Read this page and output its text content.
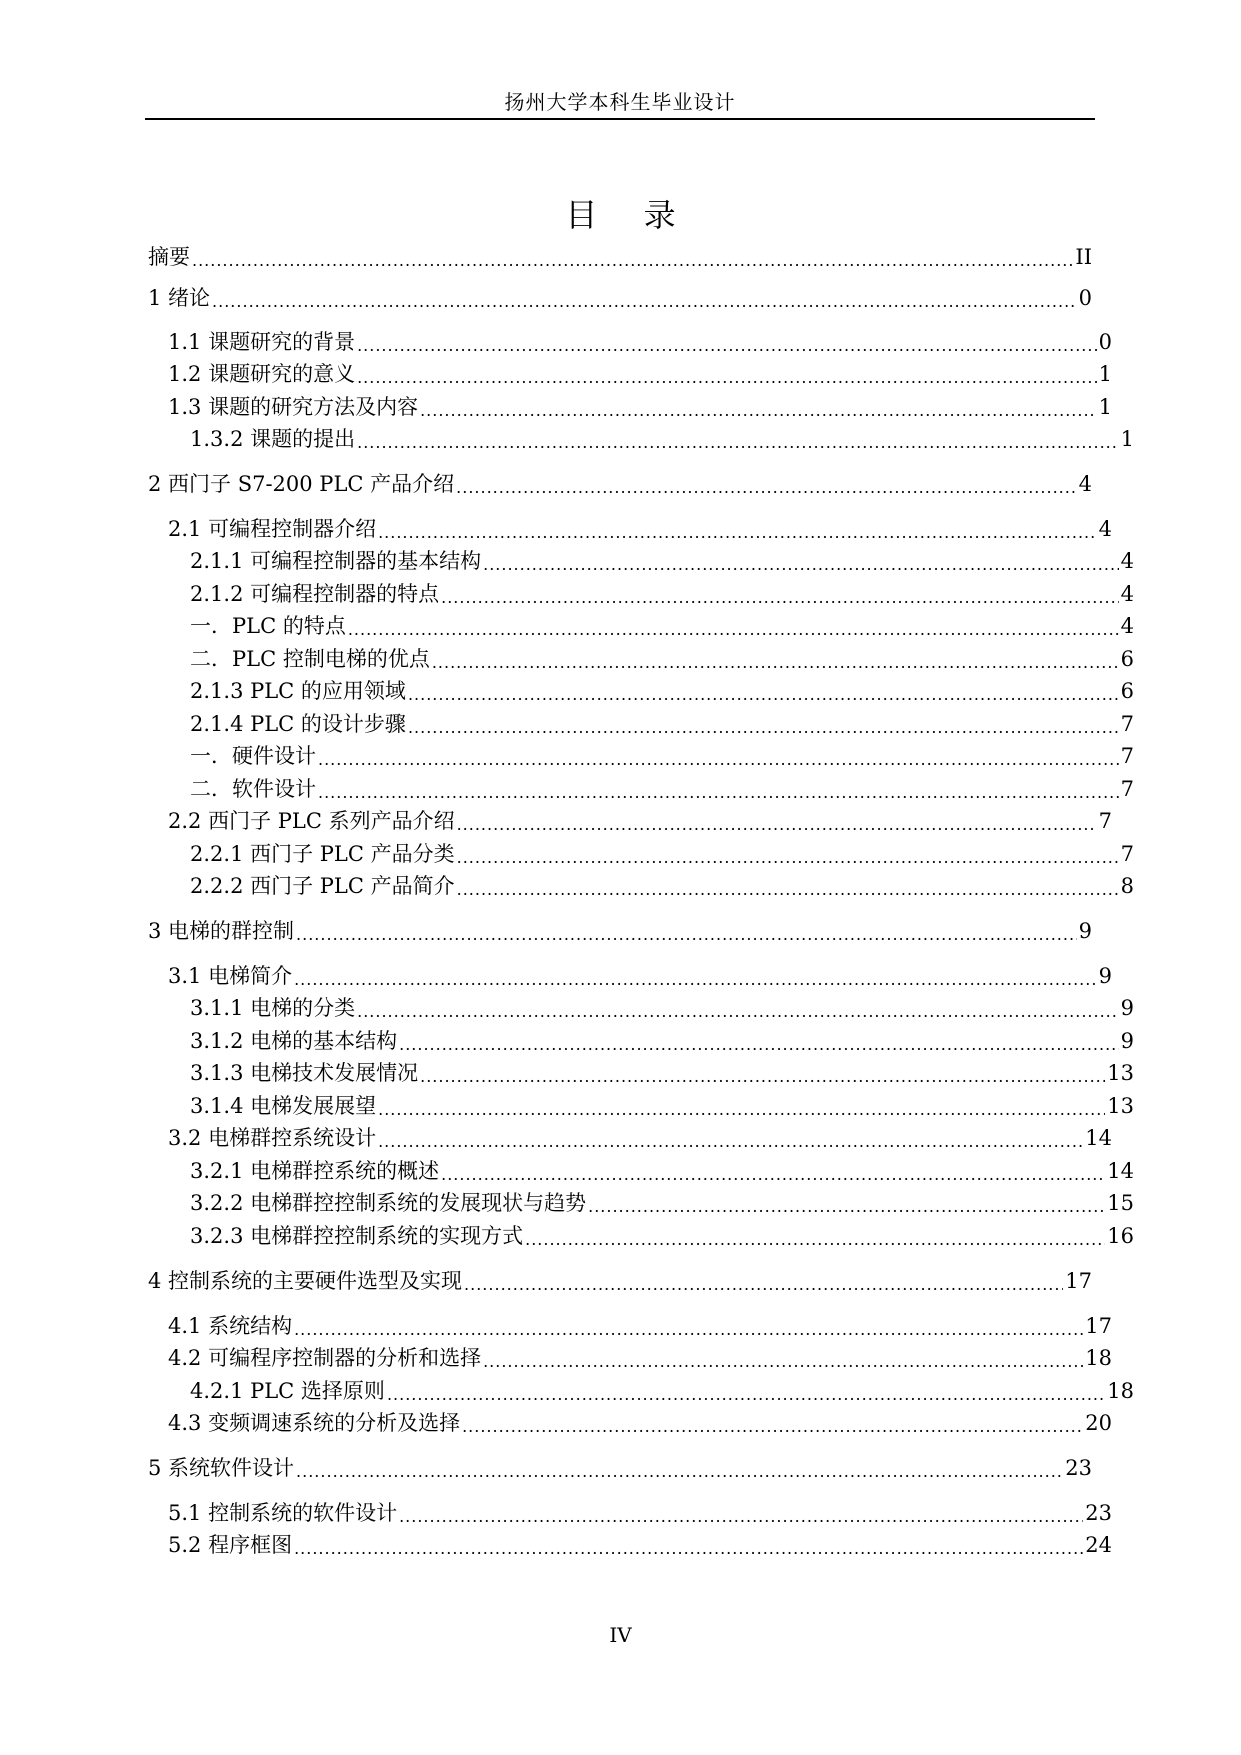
扬州大学本科生毕业设计
目 录
摘要 .....	II
1 绪论 .....	0
1.1 课题研究的背景 .....	0
1.2 课题研究的意义 .....	1
1.3 课题的研究方法及内容 .....	1
1.3.2 课题的提出 .....	1
2 西门子 S7-200 PLC 产品介绍 .....	4
2.1 可编程控制器介绍 .....	4
2.1.1 可编程控制器的基本结构 .....	4
2.1.2 可编程控制器的特点 .....	4
一．PLC 的特点 .....	4
二．PLC 控制电梯的优点 .....	6
2.1.3 PLC 的应用领域 .....	6
2.1.4 PLC 的设计步骤 .....	7
一．硬件设计 .....	7
二．软件设计 .....	7
2.2 西门子 PLC 系列产品介绍 .....	7
2.2.1 西门子 PLC 产品分类 .....	7
2.2.2 西门子 PLC 产品简介 .....	8
3 电梯的群控制 .....	9
3.1 电梯简介 .....	9
3.1.1 电梯的分类 .....	9
3.1.2 电梯的基本结构 .....	9
3.1.3 电梯技术发展情况 .....	13
3.1.4 电梯发展展望 .....	13
3.2 电梯群控系统设计 .....	14
3.2.1 电梯群控系统的概述 .....	14
3.2.2 电梯群控控制系统的发展现状与趋势 .....	15
3.2.3 电梯群控控制系统的实现方式 .....	16
4 控制系统的主要硬件选型及实现 .....	17
4.1 系统结构 .....	17
4.2 可编程序控制器的分析和选择 .....	18
4.2.1 PLC 选择原则 .....	18
4.3 变频调速系统的分析及选择 .....	20
5 系统软件设计 .....	23
5.1 控制系统的软件设计 .....	23
5.2 程序框图 .....	24
IV
